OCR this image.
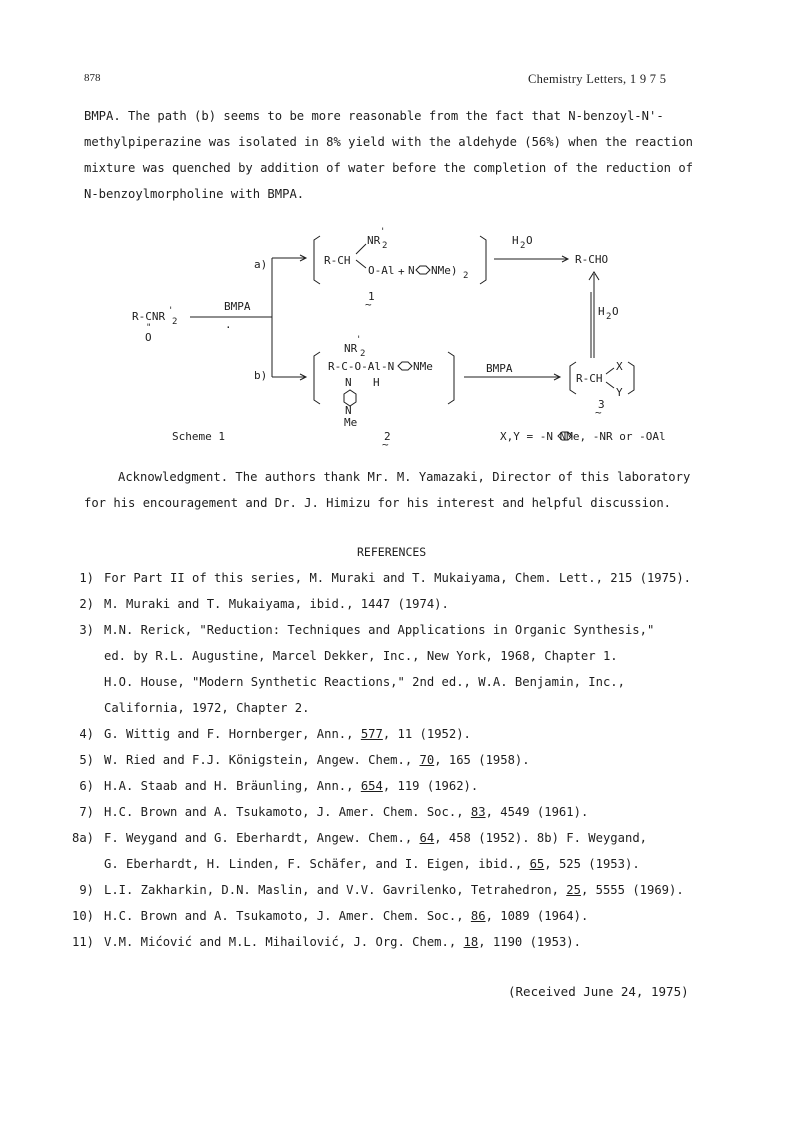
878	Chemistry Letters, 1 9 7 5
BMPA. The path (b) seems to be more reasonable from the fact that N-benzoyl-N'-
methylpiperazine was isolated in 8% yield with the aldehyde (56%) when the reaction
mixture was quenched by addition of water before the completion of the reduction of
N-benzoylmorpholine with BMPA.
R-CNR '
2
"
O
BMPA
.
a)	R-CH
NR
'
2
O-Al + N NMe) 2
1
~
H 2 O
R-CHO
H 2 O
b)
NR
'
2
R-C-O-Al-N NMe
N H
N
Me
BMPA
R-CH
X
Y
3
~
Scheme 1	2
~
X,Y = -N NMe, -NR or -OAl
Acknowledgment. The authors thank Mr. M. Yamazaki, Director of this laboratory
for his encouragement and Dr. J. Himizu for his interest and helpful discussion.
REFERENCES
1) For Part II of this series, M. Muraki and T. Mukaiyama, Chem. Lett., 215 (1975).
2) M. Muraki and T. Mukaiyama, ibid., 1447 (1974).
3) M.N. Rerick, "Reduction: Techniques and Applications in Organic Synthesis,"
ed. by R.L. Augustine, Marcel Dekker, Inc., New York, 1968, Chapter 1.
H.O. House, "Modern Synthetic Reactions," 2nd ed., W.A. Benjamin, Inc.,
California, 1972, Chapter 2.
4) G. Wittig and F. Hornberger, Ann., 577, 11 (1952).
5) W. Ried and F.J. Königstein, Angew. Chem., 70, 165 (1958).
6) H.A. Staab and H. Bräunling, Ann., 654, 119 (1962).
7) H.C. Brown and A. Tsukamoto, J. Amer. Chem. Soc., 83, 4549 (1961).
8a) F. Weygand and G. Eberhardt, Angew. Chem., 64, 458 (1952). 8b) F. Weygand,
G. Eberhardt, H. Linden, F. Schäfer, and I. Eigen, ibid., 65, 525 (1953).
9) L.I. Zakharkin, D.N. Maslin, and V.V. Gavrilenko, Tetrahedron, 25, 5555 (1969).
10) H.C. Brown and A. Tsukamoto, J. Amer. Chem. Soc., 86, 1089 (1964).
11) V.M. Mićović and M.L. Mihailović, J. Org. Chem., 18, 1190 (1953).
(Received June 24, 1975)
